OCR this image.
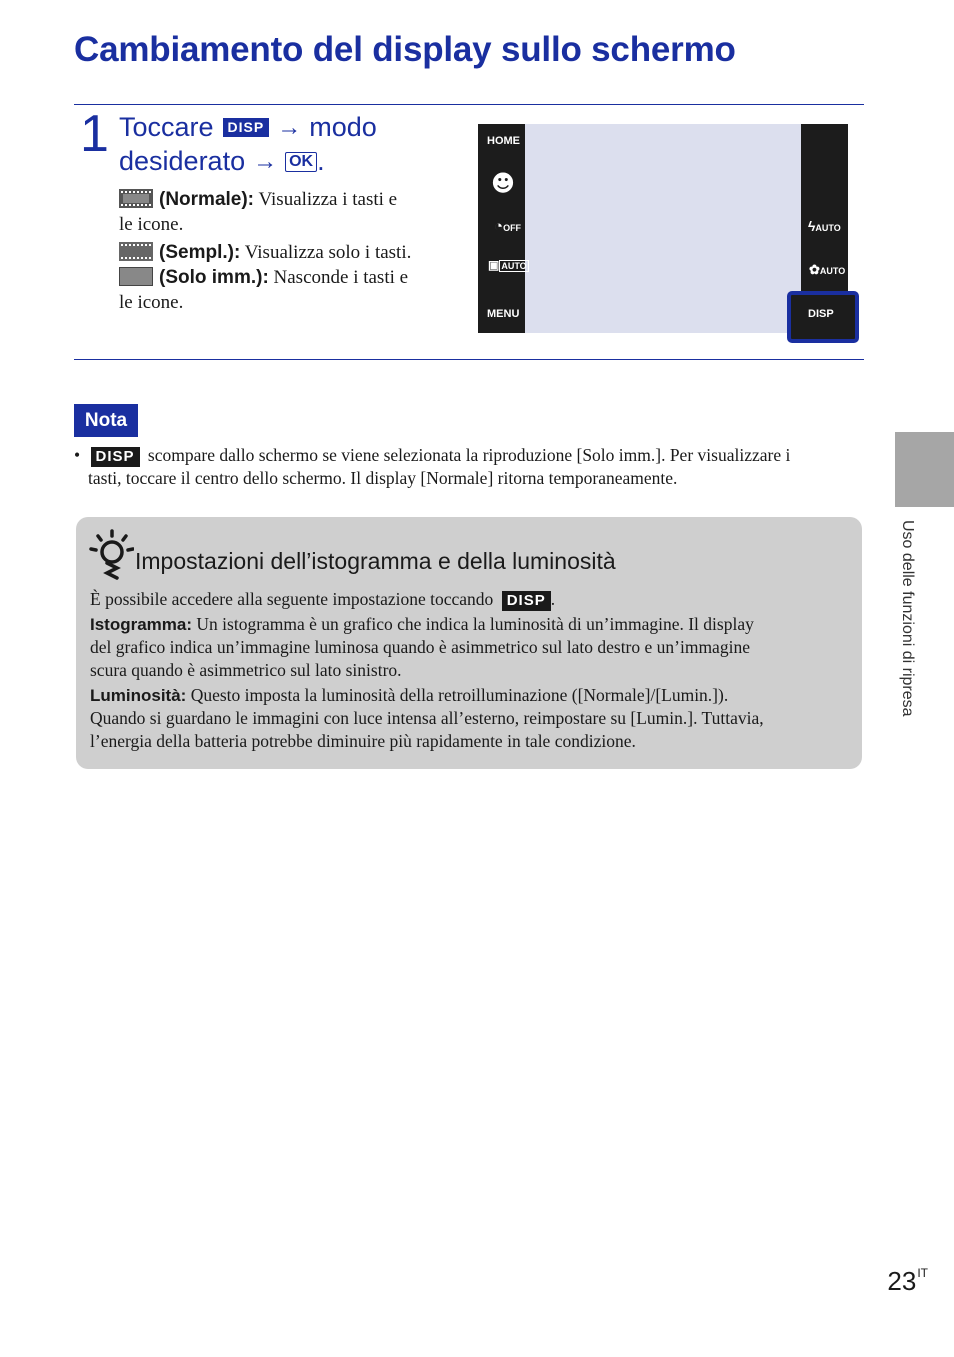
Cambiamento del display sullo schermo
1 Toccare	DISP → modo
desiderato → OK .
(Normale): Visualizza i tasti e
le icone.
(Sempl.): Visualizza solo i tasti.
(Solo imm.): Nasconde i tasti e
le icone.
HOME
☻
◔OFF
▣ AUTO
MENU
ϟAUTO
✿AUTO
DISP
Nota
• DISP scompare dallo schermo se viene selezionata la riproduzione [Solo imm.]. Per visualizzare i
tasti, toccare il centro dello schermo. Il display [Normale] ritorna temporaneamente.
Impostazioni dell’istogramma e della luminosità
È possibile accedere alla seguente impostazione toccando DISP .
Istogramma: Un istogramma è un grafico che indica la luminosità di un’immagine. Il display
del grafico indica un’immagine luminosa quando è asimmetrico sul lato destro e un’immagine
scura quando è asimmetrico sul lato sinistro.
Luminosità: Questo imposta la luminosità della retroilluminazione ([Normale]/[Lumin.]).
Quando si guardano le immagini con luce intensa all’esterno, reimpostare su [Lumin.]. Tuttavia,
l’energia della batteria potrebbe diminuire più rapidamente in tale condizione.
Uso delle funzioni di ripresa
$23^{IT}$
